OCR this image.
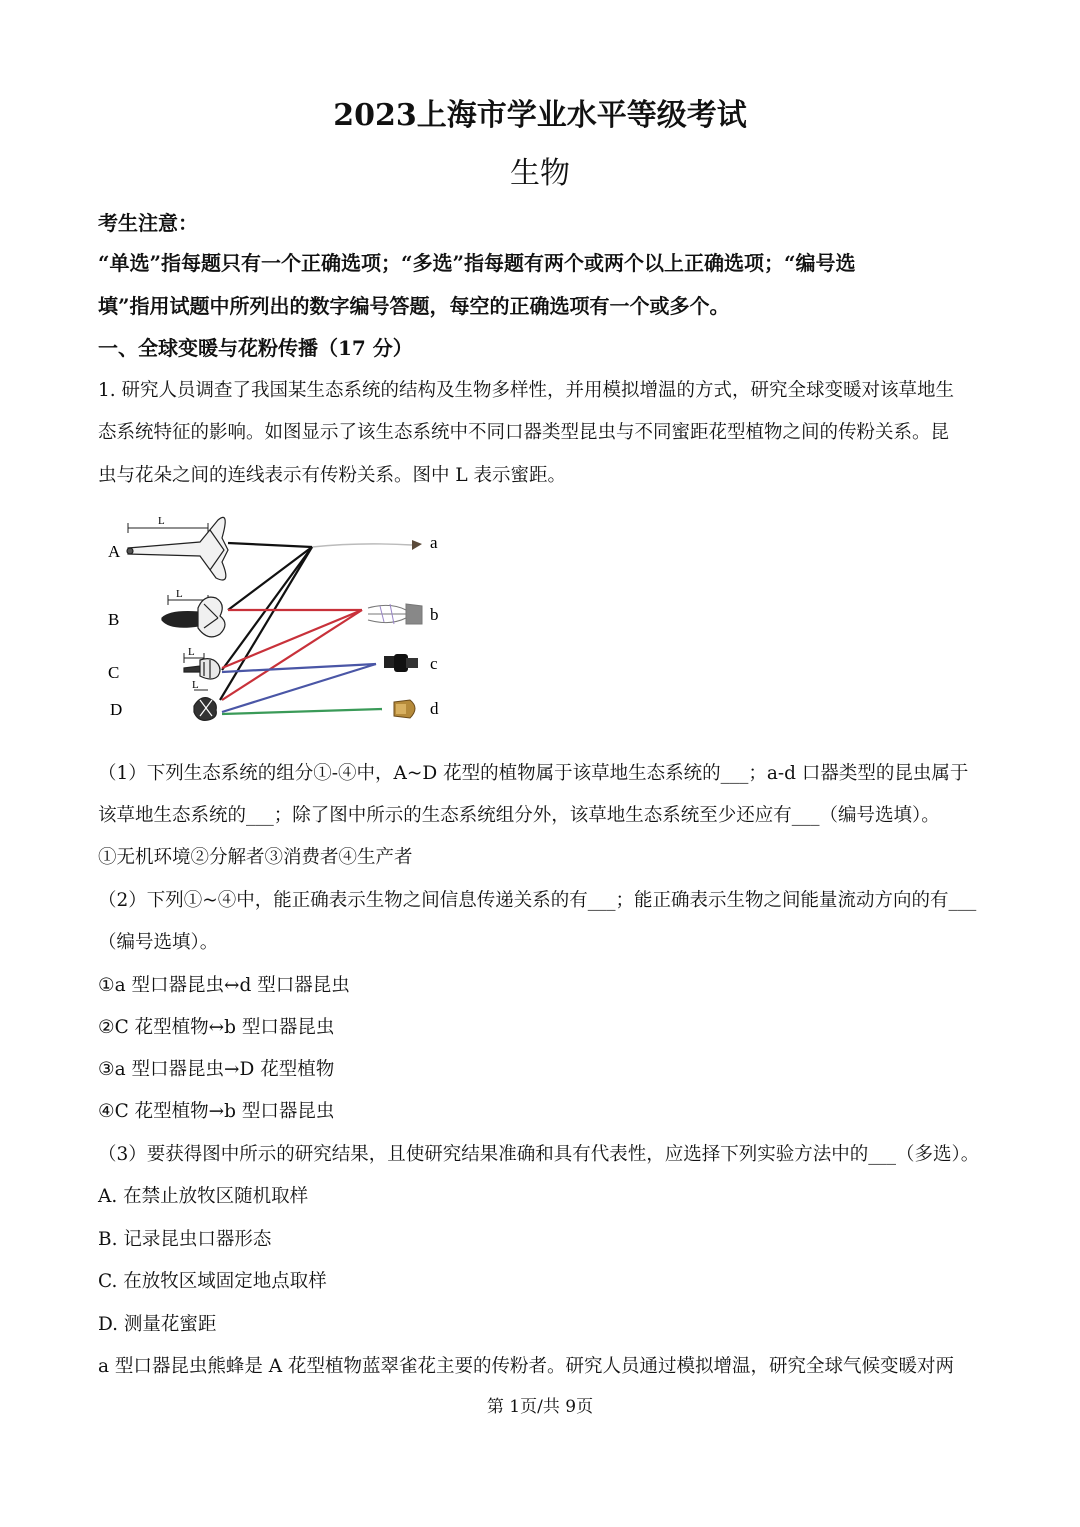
2023上海市学业水平等级考试
生物
考生注意：
“单选”指每题只有一个正确选项；“多选”指每题有两个或两个以上正确选项；“编号选
填”指用试题中所列出的数字编号答题，每空的正确选项有一个或多个。
一、全球变暖与花粉传播（17 分）
1. 研究人员调查了我国某生态系统的结构及生物多样性，并用模拟增温的方式，研究全球变暖对该草地生
态系统特征的影响。如图显示了该生态系统中不同口器类型昆虫与不同蜜距花型植物之间的传粉关系。昆
虫与花朵之间的连线表示有传粉关系。图中 L 表示蜜距。
L
L
L
L
A
B
C
D
a
b
c
d
（1）下列生态系统的组分①-④中，A~D 花型的植物属于该草地生态系统的___；a-d 口器类型的昆虫属于
该草地生态系统的___；除了图中所示的生态系统组分外，该草地生态系统至少还应有___（编号选填）。
①无机环境②分解者③消费者④生产者
（2）下列①~④中，能正确表示生物之间信息传递关系的有___；能正确表示生物之间能量流动方向的有___
（编号选填）。
①a 型口器昆虫↔d 型口器昆虫
②C 花型植物↔b 型口器昆虫
③a 型口器昆虫→D 花型植物
④C 花型植物→b 型口器昆虫
（3）要获得图中所示的研究结果，且使研究结果准确和具有代表性，应选择下列实验方法中的___（多选）。
A. 在禁止放牧区随机取样
B. 记录昆虫口器形态
C. 在放牧区域固定地点取样
D. 测量花蜜距
a 型口器昆虫熊蜂是 A 花型植物蓝翠雀花主要的传粉者。研究人员通过模拟增温，研究全球气候变暖对两
第 1页/共 9页
